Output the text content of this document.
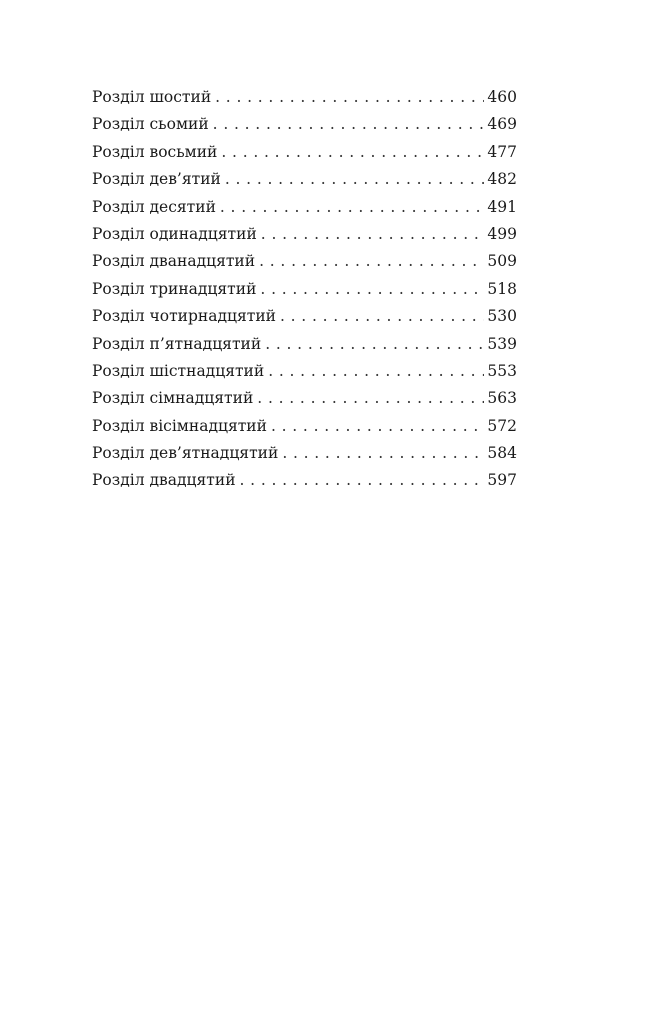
Розділ шостий . . .	460
Розділ сьомий . . .	469
Розділ восьмий . . .	477
Розділ дев’ятий . . .	482
Розділ десятий . . .	491
Розділ одинадцятий . . .	499
Розділ дванадцятий . . .	509
Розділ тринадцятий . . .	518
Розділ чотирнадцятий . . .	530
Розділ п’ятнадцятий . . .	539
Розділ шістнадцятий . . .	553
Розділ сімнадцятий . . .	563
Розділ вісімнадцятий . . .	572
Розділ дев’ятнадцятий . . .	584
Розділ двадцятий . . .	597
